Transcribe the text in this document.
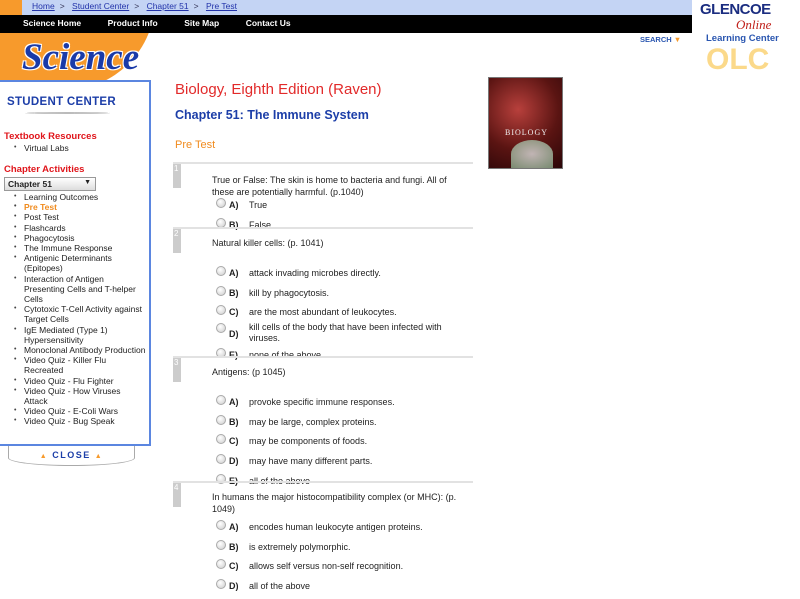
Home > Student Center > Chapter 51 > Pre Test
Science Home	Product Info	Site Map	Contact Us
Science
GLENCOE
Online
Learning Center
OLC
SEARCH ▼
STUDENT CENTER
Textbook Resources
• Virtual Labs
Chapter Activities
Chapter 51	▼
• Learning Outcomes
• Pre Test
• Post Test
• Flashcards
• Phagocytosis
• The Immune Response
• Antigenic Determinants (Epitopes)
• Interaction of Antigen Presenting Cells and T-helper Cells
• Cytotoxic T-Cell Activity against Target Cells
• IgE Mediated (Type 1) Hypersensitivity
• Monoclonal Antibody Production
• Video Quiz - Killer Flu Recreated
• Video Quiz - Flu Fighter
• Video Quiz - How Viruses Attack
• Video Quiz - E-Coli Wars
• Video Quiz - Bug Speak
▲ CLOSE ▲
Biology, Eighth Edition (Raven)
Chapter 51: The Immune System
Pre Test
BIOLOGY
1
True or False: The skin is home to bacteria and fungi. All of these are potentially harmful. (p.1040)
A) True
B) False
2
Natural killer cells: (p. 1041)
A) attack invading microbes directly.
B) kill by phagocytosis.
C) are the most abundant of leukocytes.
D)
kill cells of the body that have been infected with viruses.
E) none of the above
3
Antigens: (p 1045)
A) provoke specific immune responses.
B) may be large, complex proteins.
C) may be components of foods.
D) may have many different parts.
E) all of the above
4
In humans the major histocompatibility complex (or MHC): (p. 1049)
A) encodes human leukocyte antigen proteins.
B) is extremely polymorphic.
C) allows self versus non-self recognition.
D) all of the above
